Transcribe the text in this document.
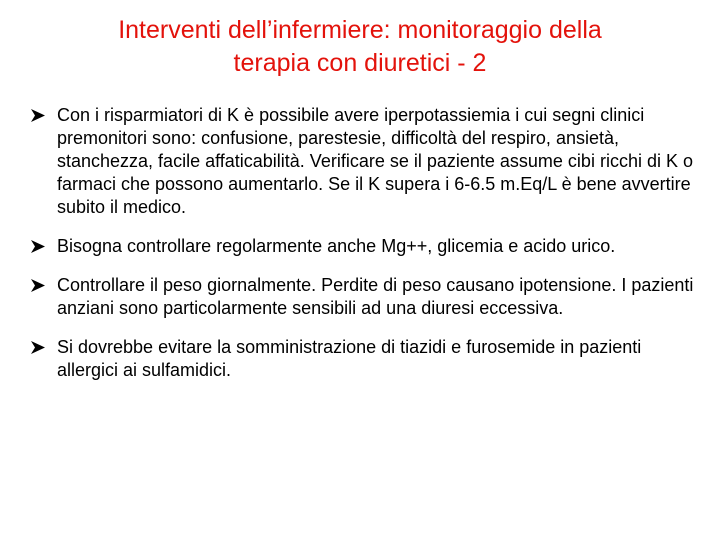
Interventi dell’infermiere: monitoraggio della
terapia con diuretici - 2
Con i risparmiatori di K è possibile avere iperpotassiemia i cui segni clinici premonitori sono: confusione, parestesie, difficoltà del respiro, ansietà, stanchezza, facile affaticabilità. Verificare se il paziente assume cibi ricchi di K o farmaci che possono aumentarlo. Se il K supera i 6-6.5 m.Eq/L è bene avvertire subito il medico.
Bisogna controllare regolarmente anche Mg++, glicemia e acido urico.
Controllare il peso giornalmente. Perdite di peso causano ipotensione. I pazienti anziani sono particolarmente sensibili ad una diuresi eccessiva.
Si dovrebbe evitare la somministrazione di tiazidi e furosemide in pazienti allergici ai sulfamidici.
